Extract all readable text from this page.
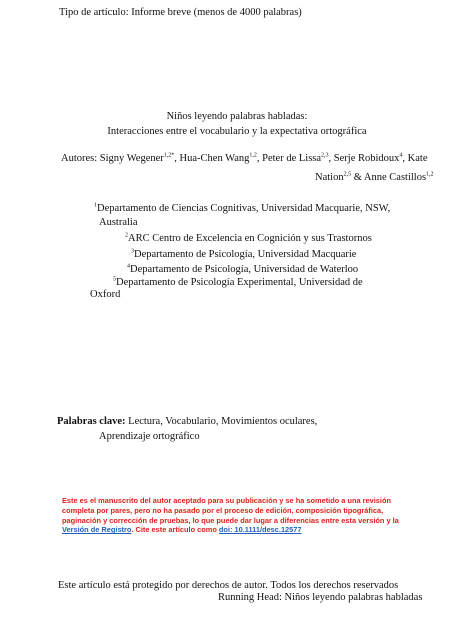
Tipo de artículo: Informe breve (menos de 4000 palabras)
Niños leyendo palabras habladas:
Interacciones entre el vocabulario y la expectativa ortográfica
Autores: Signy Wegener$^{1,2*}$, Hua-Chen Wang$^{1,2}$, Peter de Lissa$^{2,3}$, Serje Robidoux$^4$, Kate
Nation$^{2,5}$ & Anne Castillos$^{1,2}$
$^1$Departamento de Ciencias Cognitivas, Universidad Macquarie, NSW,
Australia
$^2$ARC Centro de Excelencia en Cognición y sus Trastornos
$^3$Departamento de Psicología, Universidad Macquarie
$^4$Departamento de Psicología, Universidad de Waterloo
$^5$Departamento de Psicología Experimental, Universidad de
Oxford
Palabras clave: Lectura, Vocabulario, Movimientos oculares,
Aprendizaje ortográfico
Este es el manuscrito del autor aceptado para su publicación y se ha sometido a una revisión
completa por pares, pero no ha pasado por el proceso de edición, composición tipográfica,
paginación y corrección de pruebas, lo que puede dar lugar a diferencias entre esta versión y la
Versión de Registro. Cite este artículo como doi: 10.1111/desc.12577
Este artículo está protegido por derechos de autor. Todos los derechos reservados
Running Head: Niños leyendo palabras habladas
